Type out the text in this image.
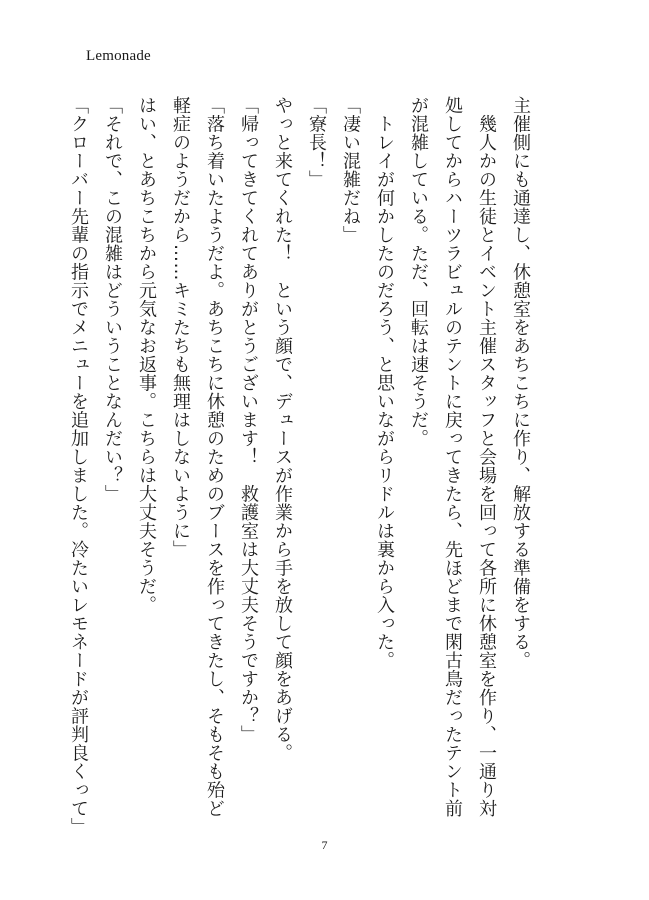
Lemonade

主催側にも通達し、休憩室をあちこちに作り、解放する準備をする。

　幾人かの生徒とイベント主催スタッフと会場を回って各所に休憩室を作り、一通り対

処してからハーツラビュルのテントに戻ってきたら、先ほどまで閑古鳥だったテント前

が混雑している。ただ、回転は速そうだ。

　トレイが何かしたのだろう、と思いながらリドルは裏から入った。

「凄い混雑だね」

「寮長！」

やっと来てくれた！　という顔で、デュースが作業から手を放して顔をあげる。

「帰ってきてくれてありがとうございます！　救護室は大丈夫そうですか？」

「落ち着いたようだよ。あちこちに休憩のためのブースを作ってきたし、そもそも殆ど

軽症のようだから……キミたちも無理はしないように」

はい、とあちこちから元気なお返事。こちらは大丈夫そうだ。

「それで、この混雑はどういうことなんだい？」

「クローバー先輩の指示でメニューを追加しました。冷たいレモネードが評判良くって」

7
